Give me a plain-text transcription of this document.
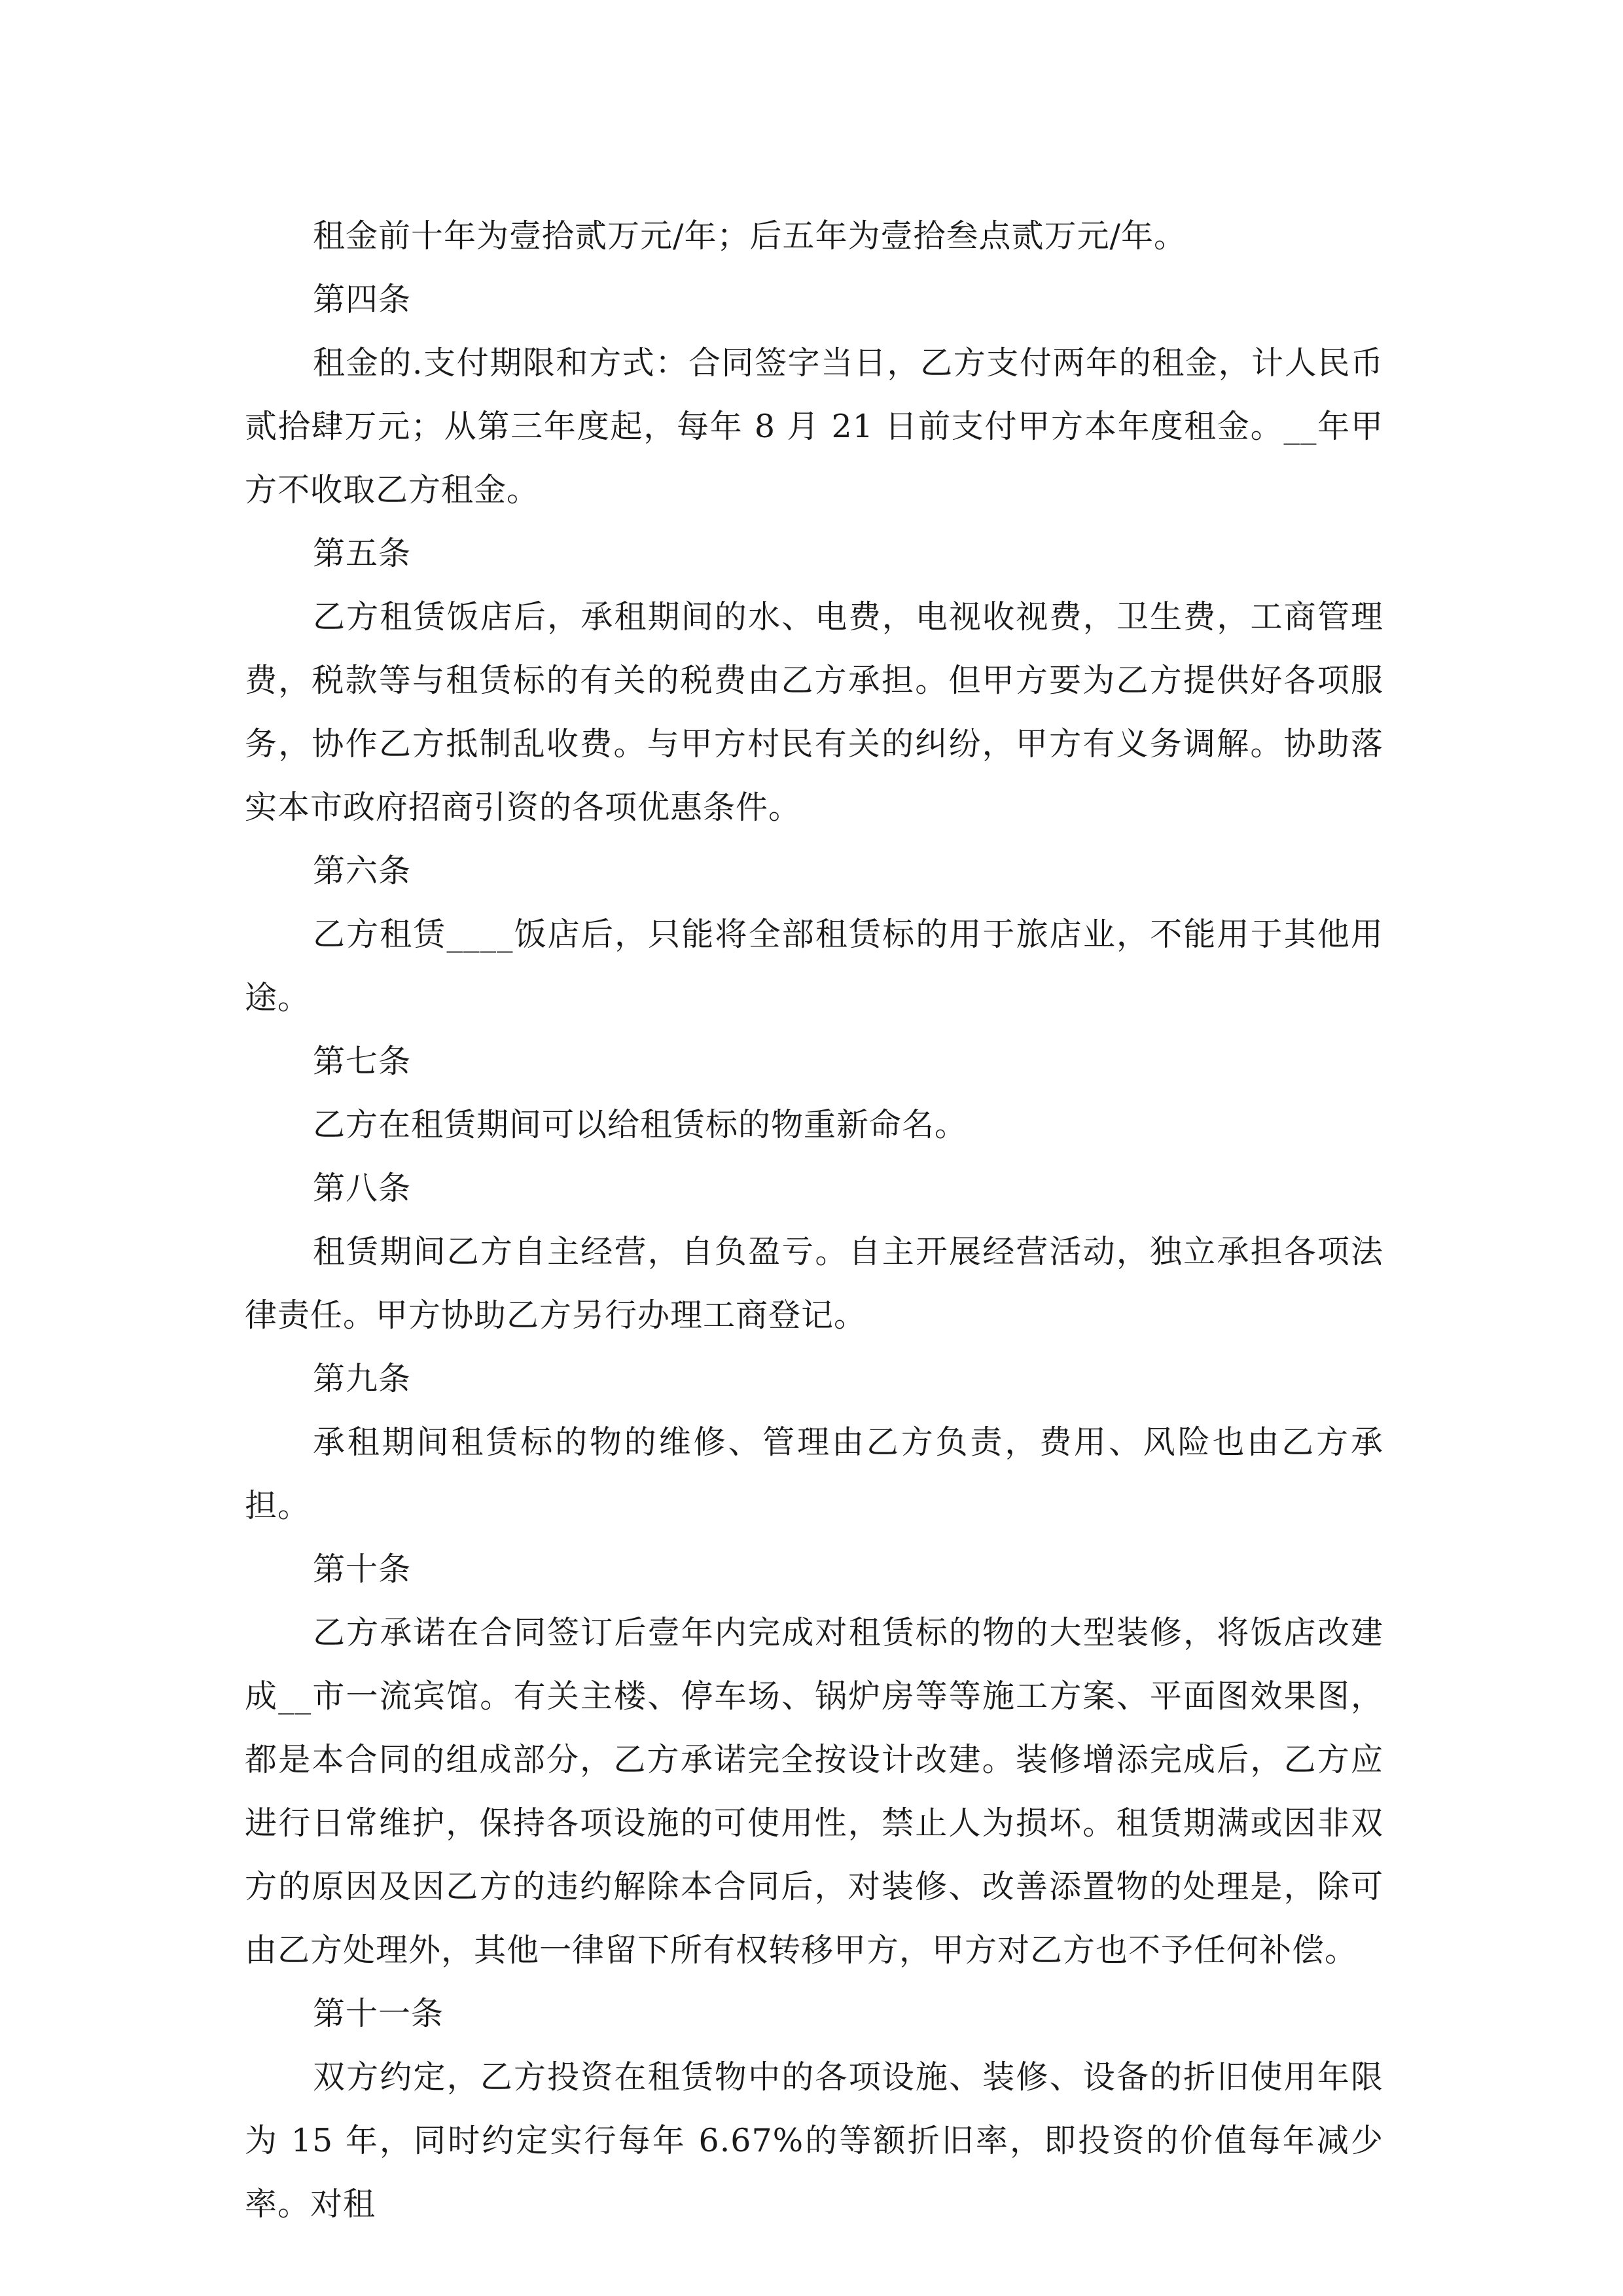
租金前十年为壹拾贰万元/年；后五年为壹拾叁点贰万元/年。

第四条

租金的.支付期限和方式：合同签字当日，乙方支付两年的租金，计人民币贰拾肆万元；从第三年度起，每年 8 月 21 日前支付甲方本年度租金。__年甲方不收取乙方租金。

第五条

乙方租赁饭店后，承租期间的水、电费，电视收视费，卫生费，工商管理费，税款等与租赁标的有关的税费由乙方承担。但甲方要为乙方提供好各项服务，协作乙方抵制乱收费。与甲方村民有关的纠纷，甲方有义务调解。协助落实本市政府招商引资的各项优惠条件。

第六条

乙方租赁____饭店后，只能将全部租赁标的用于旅店业，不能用于其他用途。

第七条

乙方在租赁期间可以给租赁标的物重新命名。

第八条

租赁期间乙方自主经营，自负盈亏。自主开展经营活动，独立承担各项法律责任。甲方协助乙方另行办理工商登记。

第九条

承租期间租赁标的物的维修、管理由乙方负责，费用、风险也由乙方承担。

第十条

乙方承诺在合同签订后壹年内完成对租赁标的物的大型装修，将饭店改建成__市一流宾馆。有关主楼、停车场、锅炉房等等施工方案、平面图效果图，都是本合同的组成部分，乙方承诺完全按设计改建。装修增添完成后，乙方应进行日常维护，保持各项设施的可使用性，禁止人为损坏。租赁期满或因非双方的原因及因乙方的违约解除本合同后，对装修、改善添置物的处理是，除可由乙方处理外，其他一律留下所有权转移甲方，甲方对乙方也不予任何补偿。

第十一条

双方约定，乙方投资在租赁物中的各项设施、装修、设备的折旧使用年限为 15 年，同时约定实行每年 6.67%的等额折旧率，即投资的价值每年减少率。对租
